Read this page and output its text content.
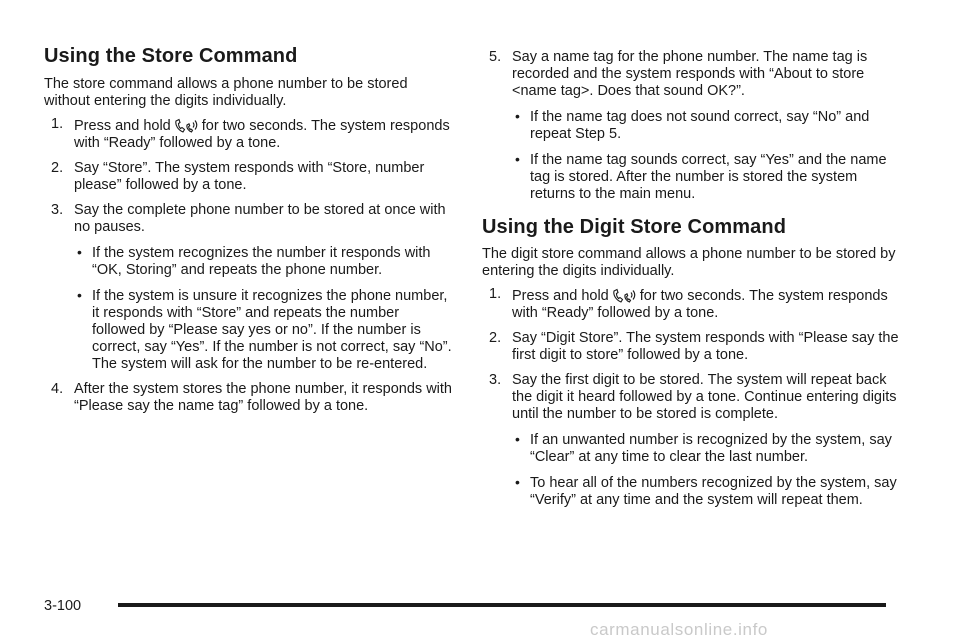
Using the Store Command

The store command allows a phone number to be stored without entering the digits individually.

1. Press and hold for two seconds. The system responds with “Ready” followed by a tone.
2. Say “Store”. The system responds with “Store, number please” followed by a tone.
3. Say the complete phone number to be stored at once with no pauses.
• If the system recognizes the number it responds with “OK, Storing” and repeats the phone number.
• If the system is unsure it recognizes the phone number, it responds with “Store” and repeats the number followed by “Please say yes or no”. If the number is correct, say “Yes”. If the number is not correct, say “No”. The system will ask for the number to be re-entered.
4. After the system stores the phone number, it responds with “Please say the name tag” followed by a tone.
5. Say a name tag for the phone number. The name tag is recorded and the system responds with “About to store <name tag>. Does that sound OK?”.
• If the name tag does not sound correct, say “No” and repeat Step 5.
• If the name tag sounds correct, say “Yes” and the name tag is stored. After the number is stored the system returns to the main menu.
Using the Digit Store Command

The digit store command allows a phone number to be stored by entering the digits individually.

1. Press and hold for two seconds. The system responds with “Ready” followed by a tone.
2. Say “Digit Store”. The system responds with “Please say the first digit to store” followed by a tone.
3. Say the first digit to be stored. The system will repeat back the digit it heard followed by a tone. Continue entering digits until the number to be stored is complete.
• If an unwanted number is recognized by the system, say “Clear” at any time to clear the last number.
• To hear all of the numbers recognized by the system, say “Verify” at any time and the system will repeat them.
3-100
carmanualsonline.info
